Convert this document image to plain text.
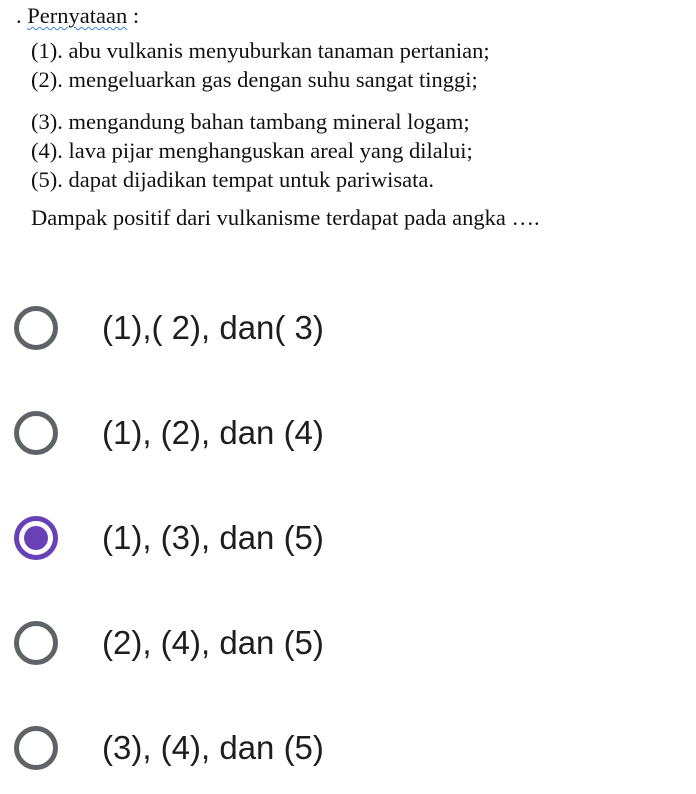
. Pernyataan :
(1). abu vulkanis menyuburkan tanaman pertanian;
(2). mengeluarkan gas dengan suhu sangat tinggi;
(3). mengandung bahan tambang mineral logam;
(4). lava pijar menghanguskan areal yang dilalui;
(5). dapat dijadikan tempat untuk pariwisata.
Dampak positif dari vulkanisme terdapat pada angka ….
(1),( 2), dan( 3)
(1), (2), dan (4)
(1), (3), dan (5)
(2), (4), dan (5)
(3), (4), dan (5)
